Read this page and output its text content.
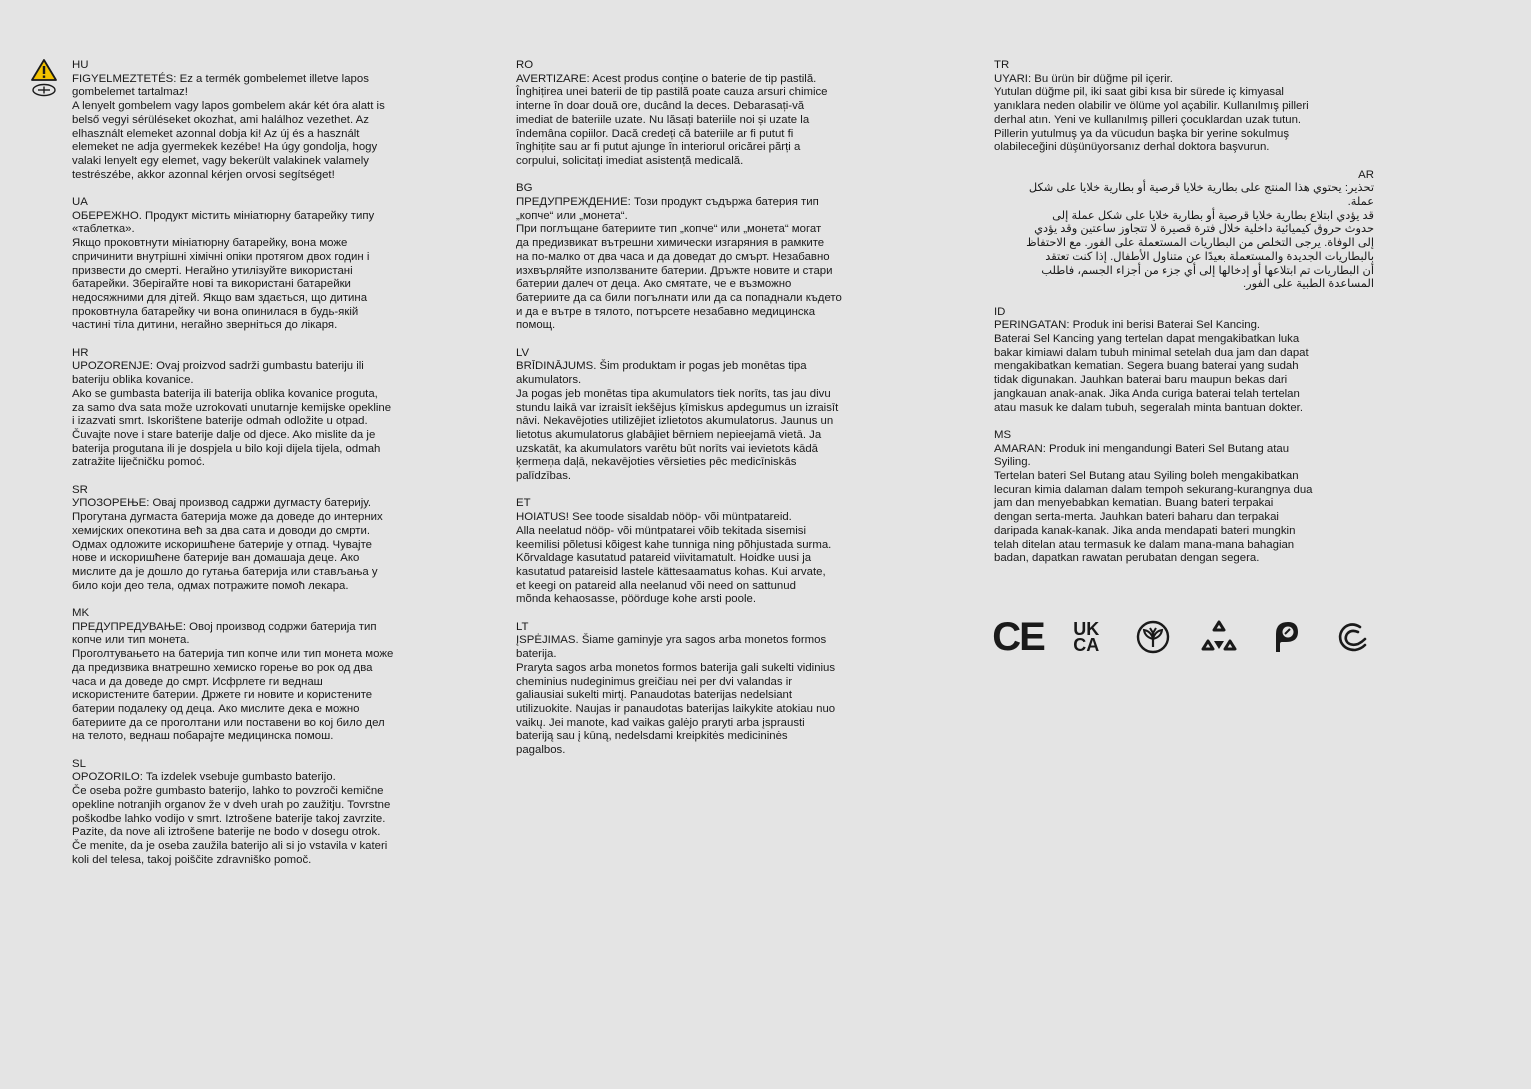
HU

FIGYELMEZTETÉS: Ez a termék gombelemet illetve lapos
gombelemet tartalmaz!

A lenyelt gombelem vagy lapos gombelem akár két óra alatt is
belső vegyi sérüléseket okozhat, ami halálhoz vezethet. Az
elhasznált elemeket azonnal dobja ki! Az új és a használt
elemeket ne adja gyermekek kezébe! Ha úgy gondolja, hogy
valaki lenyelt egy elemet, vagy bekerült valakinek valamely
testrészébe, akkor azonnal kérjen orvosi segítséget!

UA

ОБЕРЕЖНО. Продукт містить мініатюрну батарейку типу
«таблетка».

Якщо проковтнути мініатюрну батарейку, вона може
спричинити внутрішні хімічні опіки протягом двох годин і
призвести до смерті. Негайно утилізуйте використані
батарейки. Зберігайте нові та використані батарейки
недосяжними для дітей. Якщо вам здається, що дитина
проковтнула батарейку чи вона опинилася в будь-якій
частині тіла дитини, негайно зверніться до лікаря.

HR

UPOZORENJE: Ovaj proizvod sadrži gumbastu bateriju ili
bateriju oblika kovanice.

Ako se gumbasta baterija ili baterija oblika kovanice proguta,
za samo dva sata može uzrokovati unutarnje kemijske opekline
i izazvati smrt. Iskorištene baterije odmah odložite u otpad.
Čuvajte nove i stare baterije dalje od djece. Ako mislite da je
baterija progutana ili je dospjela u bilo koji dijela tijela, odmah
zatražite liječničku pomoć.

SR

УПОЗОРЕЊЕ: Овај производ садржи дугмасту батерију.

Прогутана дугмаста батерија може да доведе до интерних
хемијских опекотина већ за два сата и доводи до смрти.
Одмах одложите искоришћене батерије у отпад. Чувајте
нове и искоришћене батерије ван домашаја деце. Ако
мислите да је дошло до гутања батерија или стављања у
било који део тела, одмах потражите помоћ лекара.

MK

ПРЕДУПРЕДУВАЊЕ: Овој производ содржи батерија тип
копче или тип монета.

Проголтувањето на батерија тип копче или тип монета може
да предизвика внатрешно хемиско горење во рок од два
часа и да доведе до смрт. Исфрлете ги веднаш
искористените батерии. Држете ги новите и користените
батерии подалеку од деца. Ако мислите дека е можно
батериите да се проголтани или поставени во кој било дел
на телото, веднаш побарајте медицинска помош.

SL

OPOZORILO: Ta izdelek vsebuje gumbasto baterijo.

Če oseba požre gumbasto baterijo, lahko to povzroči kemične
opekline notranjih organov že v dveh urah po zaužitju. Tovrstne
poškodbe lahko vodijo v smrt. Iztrošene baterije takoj zavrzite.
Pazite, da nove ali iztrošene baterije ne bodo v dosegu otrok.
Če menite, da je oseba zaužila baterijo ali si jo vstavila v kateri
koli del telesa, takoj poiščite zdravniško pomoč.

RO

AVERTIZARE: Acest produs conține o baterie de tip pastilă.

Înghițirea unei baterii de tip pastilă poate cauza arsuri chimice
interne în doar două ore, ducând la deces. Debarasați-vă
imediat de bateriile uzate. Nu lăsați bateriile noi și uzate la
îndemâna copiilor. Dacă credeți că bateriile ar fi putut fi
înghițite sau ar fi putut ajunge în interiorul oricărei părți a
corpului, solicitați imediat asistență medicală.

BG

ПРЕДУПРЕЖДЕНИЕ: Този продукт съдържа батерия тип
„копче“ или „монета“.

При поглъщане батериите тип „копче“ или „монета“ могат
да предизвикат вътрешни химически изгаряния в рамките
на по-малко от два часа и да доведат до смърт. Незабавно
изхвърляйте използваните батерии. Дръжте новите и стари
батерии далеч от деца. Ако смятате, че е възможно
батериите да са били погълнати или да са попаднали където
и да е вътре в тялото, потърсете незабавно медицинска
помощ.

LV

BRĪDINĀJUMS. Šim produktam ir pogas jeb monētas tipa
akumulators.

Ja pogas jeb monētas tipa akumulators tiek norīts, tas jau divu
stundu laikā var izraisīt iekšējus ķīmiskus apdegumus un izraisīt
nāvi. Nekavējoties utilizējiet izlietotos akumulatorus. Jaunus un
lietotus akumulatorus glabājiet bērniem nepieejamā vietā. Ja
uzskatāt, ka akumulators varētu būt norīts vai ievietots kādā
ķermeņa daļā, nekavējoties vērsieties pēc medicīniskās
palīdzības.

ET

HOIATUS! See toode sisaldab nööp- või müntpatareid.

Alla neelatud nööp- või müntpatarei võib tekitada sisemisi
keemilisi põletusi kõigest kahe tunniga ning põhjustada surma.
Kõrvaldage kasutatud patareid viivitamatult. Hoidke uusi ja
kasutatud patareisid lastele kättesaamatus kohas. Kui arvate,
et keegi on patareid alla neelanud või need on sattunud
mõnda kehaosasse, pöörduge kohe arsti poole.

LT

ĮSPĖJIMAS. Šiame gaminyje yra sagos arba monetos formos
baterija.

Praryta sagos arba monetos formos baterija gali sukelti vidinius
cheminius nudeginimus greičiau nei per dvi valandas ir
galiausiai sukelti mirtį. Panaudotas baterijas nedelsiant
utilizuokite. Naujas ir panaudotas baterijas laikykite atokiau nuo
vaikų. Jei manote, kad vaikas galėjo praryti arba įsprausti
bateriją sau į kūną, nedelsdami kreipkitės medicininės
pagalbos.

TR

UYARI: Bu ürün bir düğme pil içerir.

Yutulan düğme pil, iki saat gibi kısa bir sürede iç kimyasal
yanıklara neden olabilir ve ölüme yol açabilir. Kullanılmış pilleri
derhal atın. Yeni ve kullanılmış pilleri çocuklardan uzak tutun.
Pillerin yutulmuş ya da vücudun başka bir yerine sokulmuş
olabileceğini düşünüyorsanız derhal doktora başvurun.

AR

تحذير: يحتوي هذا المنتج على بطارية خلايا قرصية أو بطارية خلايا على شكل
عملة.

قد يؤدي ابتلاع بطارية خلايا قرصية أو بطارية خلايا على شكل عملة إلى
حدوث حروق كيميائية داخلية خلال فترة قصيرة لا تتجاوز ساعتين وقد يؤدي
إلى الوفاة. يرجى التخلص من البطاريات المستعملة على الفور. مع الاحتفاظ
بالبطاريات الجديدة والمستعملة بعيدًا عن متناول الأطفال. إذا كنت تعتقد
أن البطاريات تم ابتلاعها أو إدخالها إلى أي جزء من أجزاء الجسم، فاطلب
المساعدة الطبية على الفور.

ID

PERINGATAN: Produk ini berisi Baterai Sel Kancing.

Baterai Sel Kancing yang tertelan dapat mengakibatkan luka
bakar kimiawi dalam tubuh minimal setelah dua jam dan dapat
mengakibatkan kematian. Segera buang baterai yang sudah
tidak digunakan. Jauhkan baterai baru maupun bekas dari
jangkauan anak-anak. Jika Anda curiga baterai telah tertelan
atau masuk ke dalam tubuh, segeralah minta bantuan dokter.

MS

AMARAN: Produk ini mengandungi Bateri Sel Butang atau
Syiling.

Tertelan bateri Sel Butang atau Syiling boleh mengakibatkan
lecuran kimia dalaman dalam tempoh sekurang-kurangnya dua
jam dan menyebabkan kematian. Buang bateri terpakai
dengan serta-merta. Jauhkan bateri baharu dan terpakai
daripada kanak-kanak. Jika anda mendapati bateri mungkin
telah ditelan atau termasuk ke dalam mana-mana bahagian
badan, dapatkan rawatan perubatan dengan segera.

CE UK
CA
